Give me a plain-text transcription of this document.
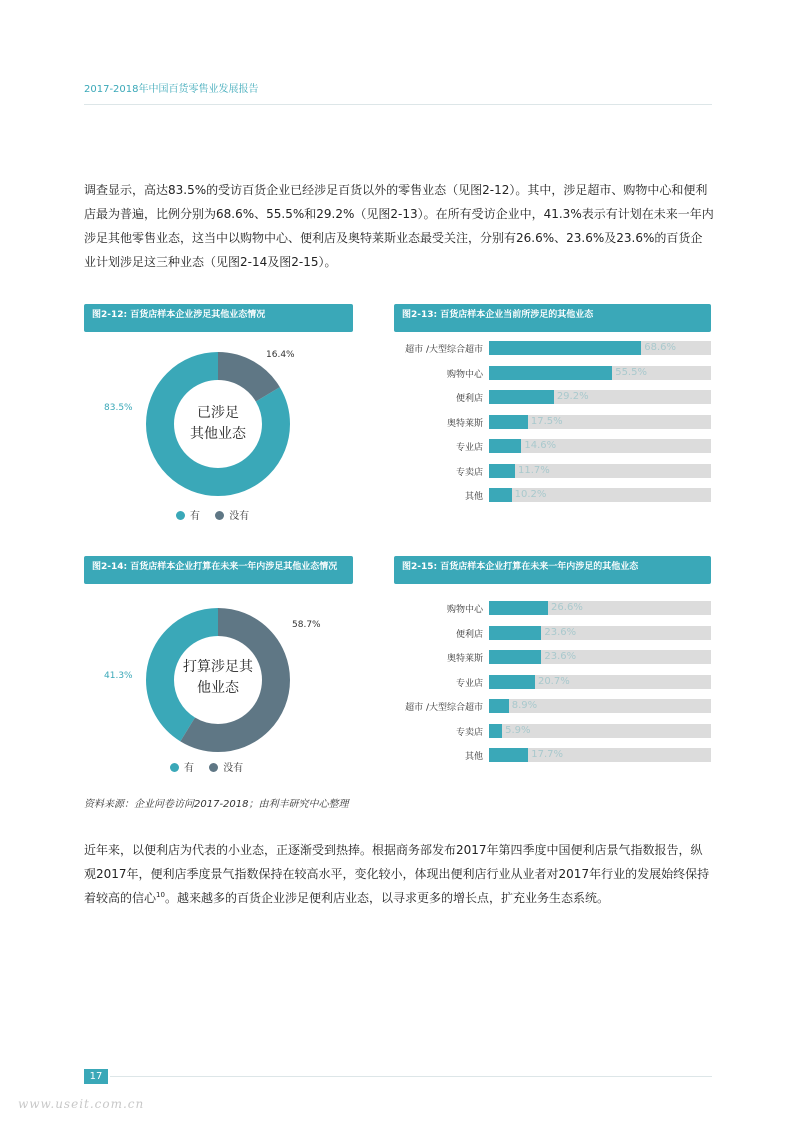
2017-2018年中国百货零售业发展报告

调查显示，高达83.5%的受访百货企业已经涉足百货以外的零售业态（见图2-12）。其中，涉足超市、购物中心和便利店最为普遍，比例分别为68.6%、55.5%和29.2%（见图2-13）。在所有受访企业中，41.3%表示有计划在未来一年内涉足其他零售业态，这当中以购物中心、便利店及奥特莱斯业态最受关注，分别有26.6%、23.6%及23.6%的百货企业计划涉足这三种业态（见图2-14及图2-15）。

图2-12: 百货店样本企业涉足其他业态情况
已涉足
其他业态
16.4%
83.5%
有	没有
图2-13: 百货店样本企业当前所涉足的其他业态
超市 /大型综合超市	68.6%
购物中心	55.5%
便利店	29.2%
奥特莱斯	17.5%
专业店	14.6%
专卖店	11.7%
其他	10.2%
图2-14: 百货店样本企业打算在未来一年内涉足其他业态情况
打算涉足其
他业态
58.7%
41.3%
有	没有
图2-15: 百货店样本企业打算在未来一年内涉足的其他业态
购物中心	26.6%
便利店	23.6%
奥特莱斯	23.6%
专业店	20.7%
超市 /大型综合超市	8.9%
专卖店 5.9%
其他	17.7%
资料来源：企业问卷访问2017-2018；由利丰研究中心整理

近年来，以便利店为代表的小业态，正逐渐受到热捧。根据商务部发布2017年第四季度中国便利店景气指数报告，纵观2017年，便利店季度景气指数保持在较高水平，变化较小，体现出便利店行业从业者对2017年行业的发展始终保持着较高的信心$^{10}$。越来越多的百货企业涉足便利店业态，以寻求更多的增长点，扩充业务生态系统。

17
www.useit.com.cn
